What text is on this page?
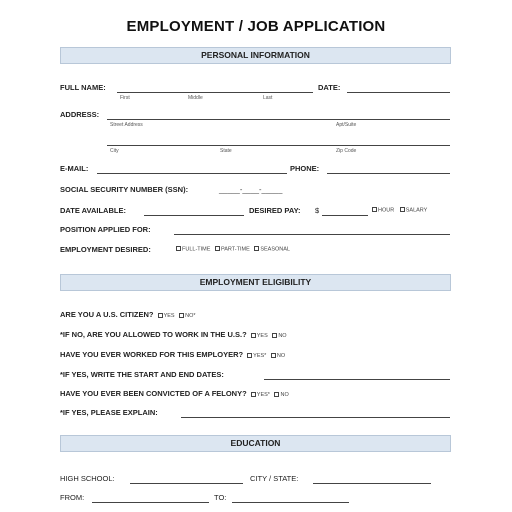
EMPLOYMENT / JOB APPLICATION
PERSONAL INFORMATION
FULL NAME:
First	Middle	Last
DATE:
ADDRESS:
Street Address	Apt/Suite
City	State	Zip Code
E-MAIL:	PHONE:
SOCIAL SECURITY NUMBER (SSN):	_____-____-_____
DATE AVAILABLE:	DESIRED PAY: $	HOUR SALARY
POSITION APPLIED FOR:
EMPLOYMENT DESIRED:	FULL-TIME PART-TIME SEASONAL
EMPLOYMENT ELIGIBILITY
ARE YOU A U.S. CITIZEN? YES NO*
*IF NO, ARE YOU ALLOWED TO WORK IN THE U.S.? YES NO
HAVE YOU EVER WORKED FOR THIS EMPLOYER? YES* NO
*IF YES, WRITE THE START AND END DATES:
HAVE YOU EVER BEEN CONVICTED OF A FELONY? YES* NO
*IF YES, PLEASE EXPLAIN:
EDUCATION
HIGH SCHOOL:	CITY / STATE:
FROM:	TO:
